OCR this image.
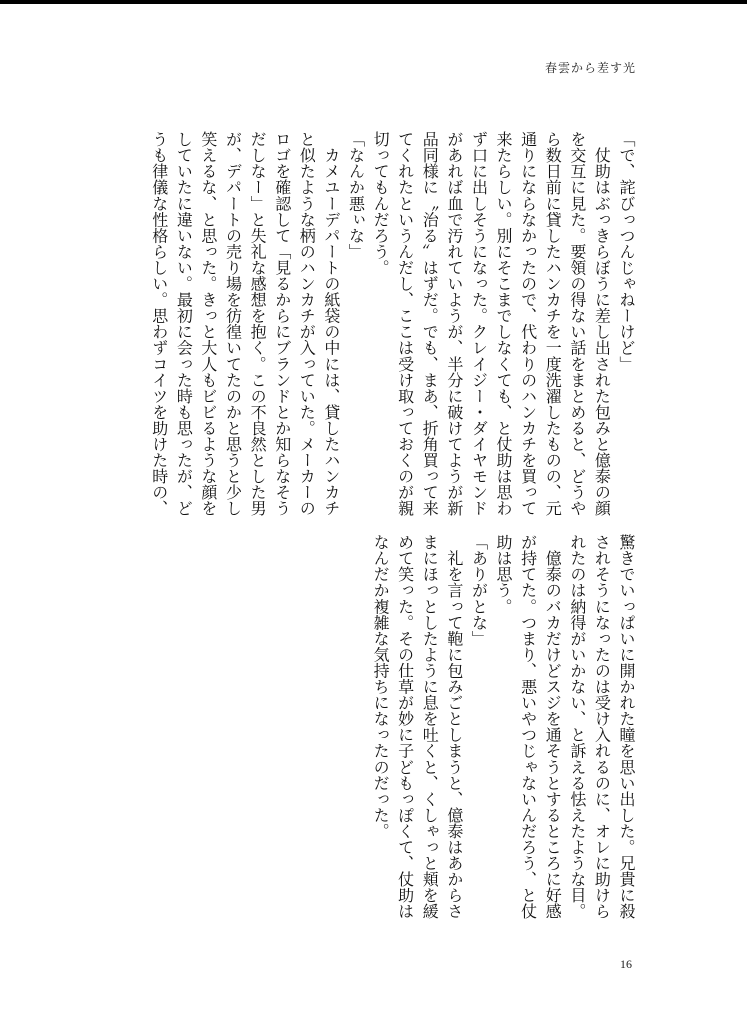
春雲から差す光
「で、詫びっつんじゃねーけど」
　仗助はぶっきらぼうに差し出された包みと億泰の顔
を交互に見た。要領の得ない話をまとめると、どうや
ら数日前に貸したハンカチを一度洗濯したものの、元
通りにならなかったので、代わりのハンカチを買って
来たらしい。別にそこまでしなくても、と仗助は思わ
ず口に出しそうになった。クレイジー・ダイヤモンド
があれば血で汚れていようが、半分に破けてようが新
品同様に〝治る〟はずだ。でも、まあ、折角買って来
てくれたというんだし、ここは受け取っておくのが親
切ってもんだろう。
「なんか悪ぃな」
　カメユーデパートの紙袋の中には、貸したハンカチ
と似たような柄のハンカチが入っていた。メーカーの
ロゴを確認して「見るからにブランドとか知らなそう
だしなー」と失礼な感想を抱く。この不良然とした男
が、デパートの売り場を彷徨いてたのかと思うと少し
笑えるな、と思った。きっと大人もビビるような顔を
していたに違いない。最初に会った時も思ったが、ど
うも律儀な性格らしい。思わずコイツを助けた時の、
驚きでいっぱいに開かれた瞳を思い出した。兄貴に殺
されそうになったのは受け入れるのに、オレに助けら
れたのは納得がいかない、と訴える怯えたような目。
　億泰のバカだけどスジを通そうとするところに好感
が持てた。つまり、悪いやつじゃないんだろう、と仗
助は思う。
「ありがとな」
　礼を言って鞄に包みごとしまうと、億泰はあからさ
まにほっとしたように息を吐くと、くしゃっと頬を緩
めて笑った。その仕草が妙に子どもっぽくて、仗助は
なんだか複雑な気持ちになったのだった。
16
